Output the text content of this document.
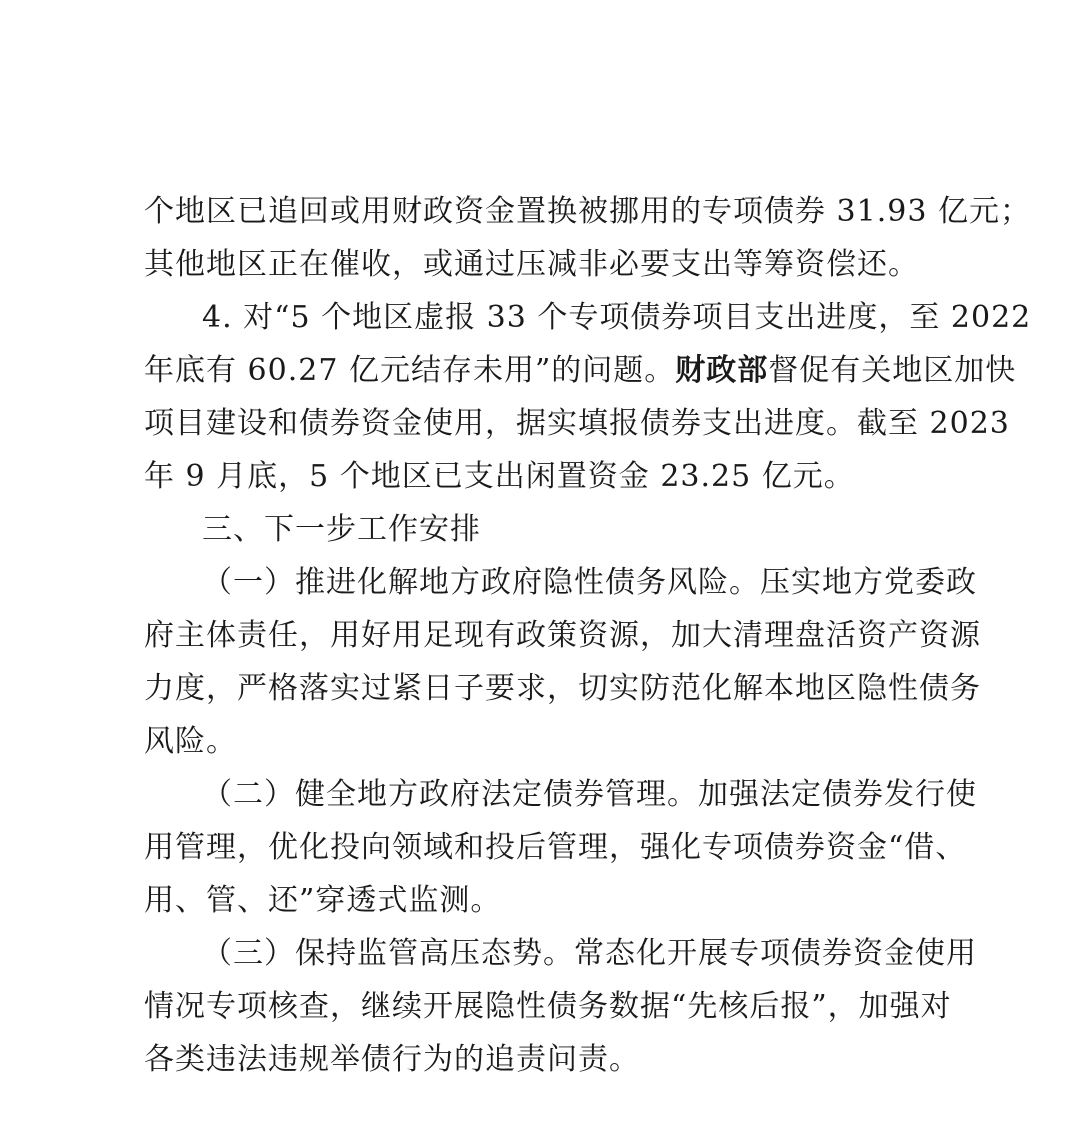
个地区已追回或用财政资金置换被挪用的专项债券 31.93 亿元；
其他地区正在催收，或通过压减非必要支出等筹资偿还。
4. 对“5 个地区虚报 33 个专项债券项目支出进度，至 2022
年底有 60.27 亿元结存未用”的问题。财政部督促有关地区加快
项目建设和债券资金使用，据实填报债券支出进度。截至 2023
年 9 月底，5 个地区已支出闲置资金 23.25 亿元。
三、下一步工作安排
（一）推进化解地方政府隐性债务风险。压实地方党委政
府主体责任，用好用足现有政策资源，加大清理盘活资产资源
力度，严格落实过紧日子要求，切实防范化解本地区隐性债务
风险。
（二）健全地方政府法定债券管理。加强法定债券发行使
用管理，优化投向领域和投后管理，强化专项债券资金“借、
用、管、还”穿透式监测。
（三）保持监管高压态势。常态化开展专项债券资金使用
情况专项核查，继续开展隐性债务数据“先核后报”，加强对
各类违法违规举债行为的追责问责。
